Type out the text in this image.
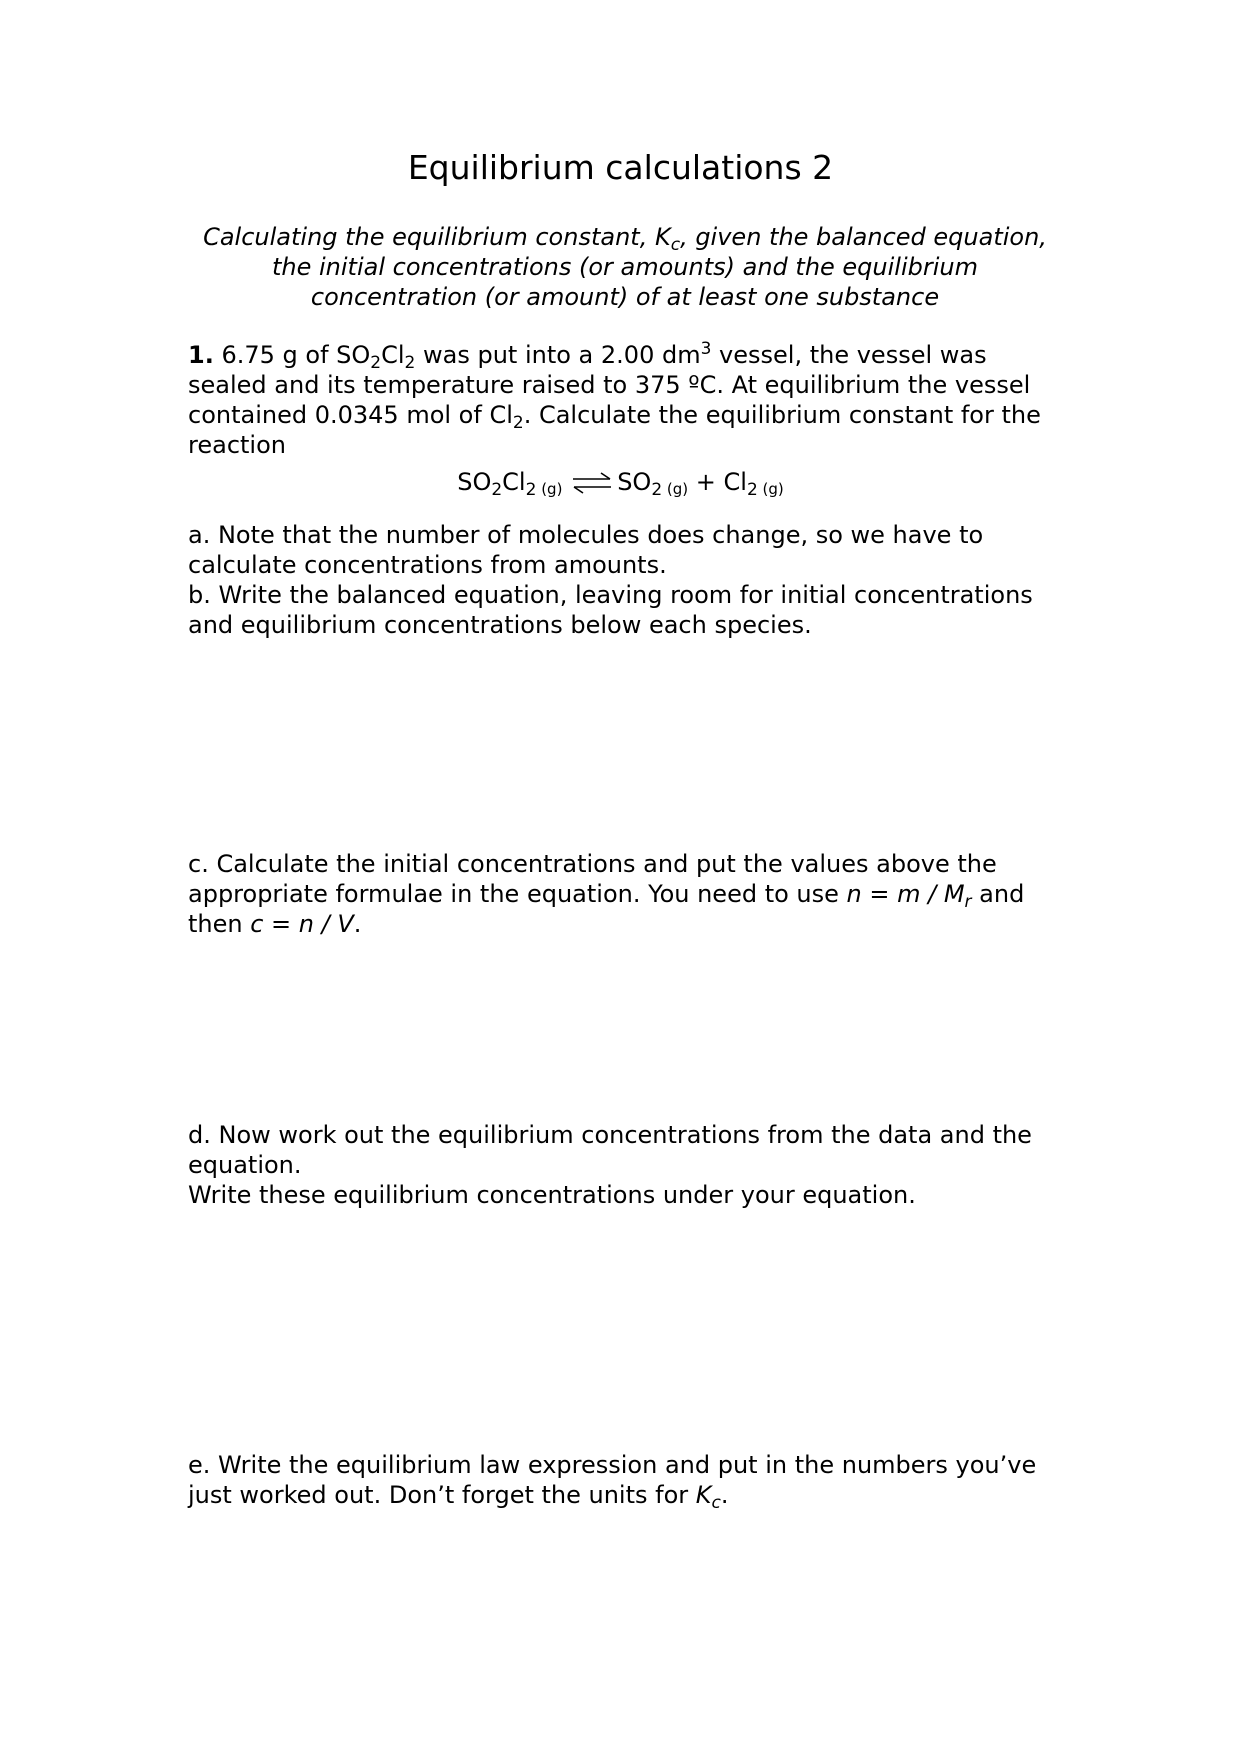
Equilibrium calculations 2
Calculating the equilibrium constant, $K_c$, given the balanced equation, the initial concentrations (or amounts) and the equilibrium concentration (or amount) of at least one substance
1. 6.75 g of $SO_2Cl_2$ was put into a 2.00 $dm^3$ vessel, the vessel was sealed and its temperature raised to 375 ºC. At equilibrium the vessel contained 0.0345 mol of $Cl_2$. Calculate the equilibrium constant for the reaction
$SO_2Cl_2$ (g) ⇌ $SO_2$ $(g) + Cl_2$ (g)
a. Note that the number of molecules does change, so we have to calculate concentrations from amounts.
b. Write the balanced equation, leaving room for initial concentrations and equilibrium concentrations below each species.
c. Calculate the initial concentrations and put the values above the appropriate formulae in the equation. You need to use $n = m / M_r$ and then c = n / V.
d. Now work out the equilibrium concentrations from the data and the equation.
Write these equilibrium concentrations under your equation.
e. Write the equilibrium law expression and put in the numbers you’ve just worked out. Don’t forget the units for $K_c$.
